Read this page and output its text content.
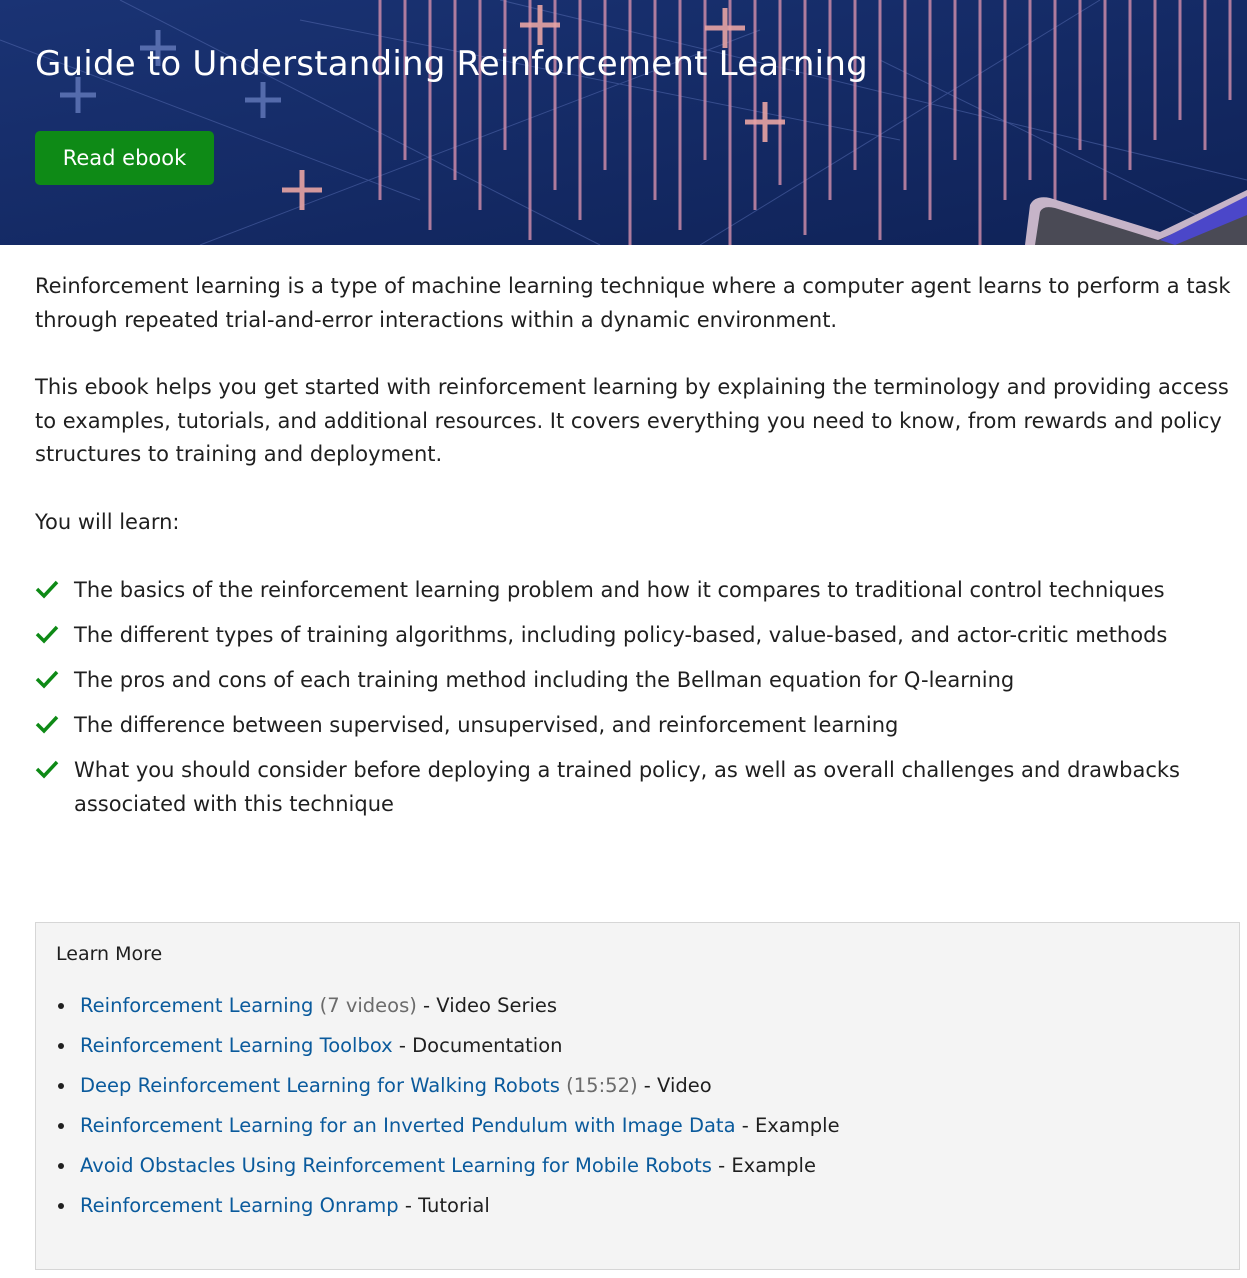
Guide to Understanding Reinforcement Learning
Read ebook

Reinforcement learning is a type of machine learning technique where a computer agent learns to perform a task through repeated trial-and-error interactions within a dynamic environment.

This ebook helps you get started with reinforcement learning by explaining the terminology and providing access to examples, tutorials, and additional resources. It covers everything you need to know, from rewards and policy structures to training and deployment.

You will learn:

The basics of the reinforcement learning problem and how it compares to traditional control techniques
The different types of training algorithms, including policy-based, value-based, and actor-critic methods
The pros and cons of each training method including the Bellman equation for Q-learning
The difference between supervised, unsupervised, and reinforcement learning
What you should consider before deploying a trained policy, as well as overall challenges and drawbacks associated with this technique
Learn More
Reinforcement Learning (7 videos) - Video Series
Reinforcement Learning Toolbox - Documentation
Deep Reinforcement Learning for Walking Robots (15:52) - Video
Reinforcement Learning for an Inverted Pendulum with Image Data - Example
Avoid Obstacles Using Reinforcement Learning for Mobile Robots - Example
Reinforcement Learning Onramp - Tutorial
